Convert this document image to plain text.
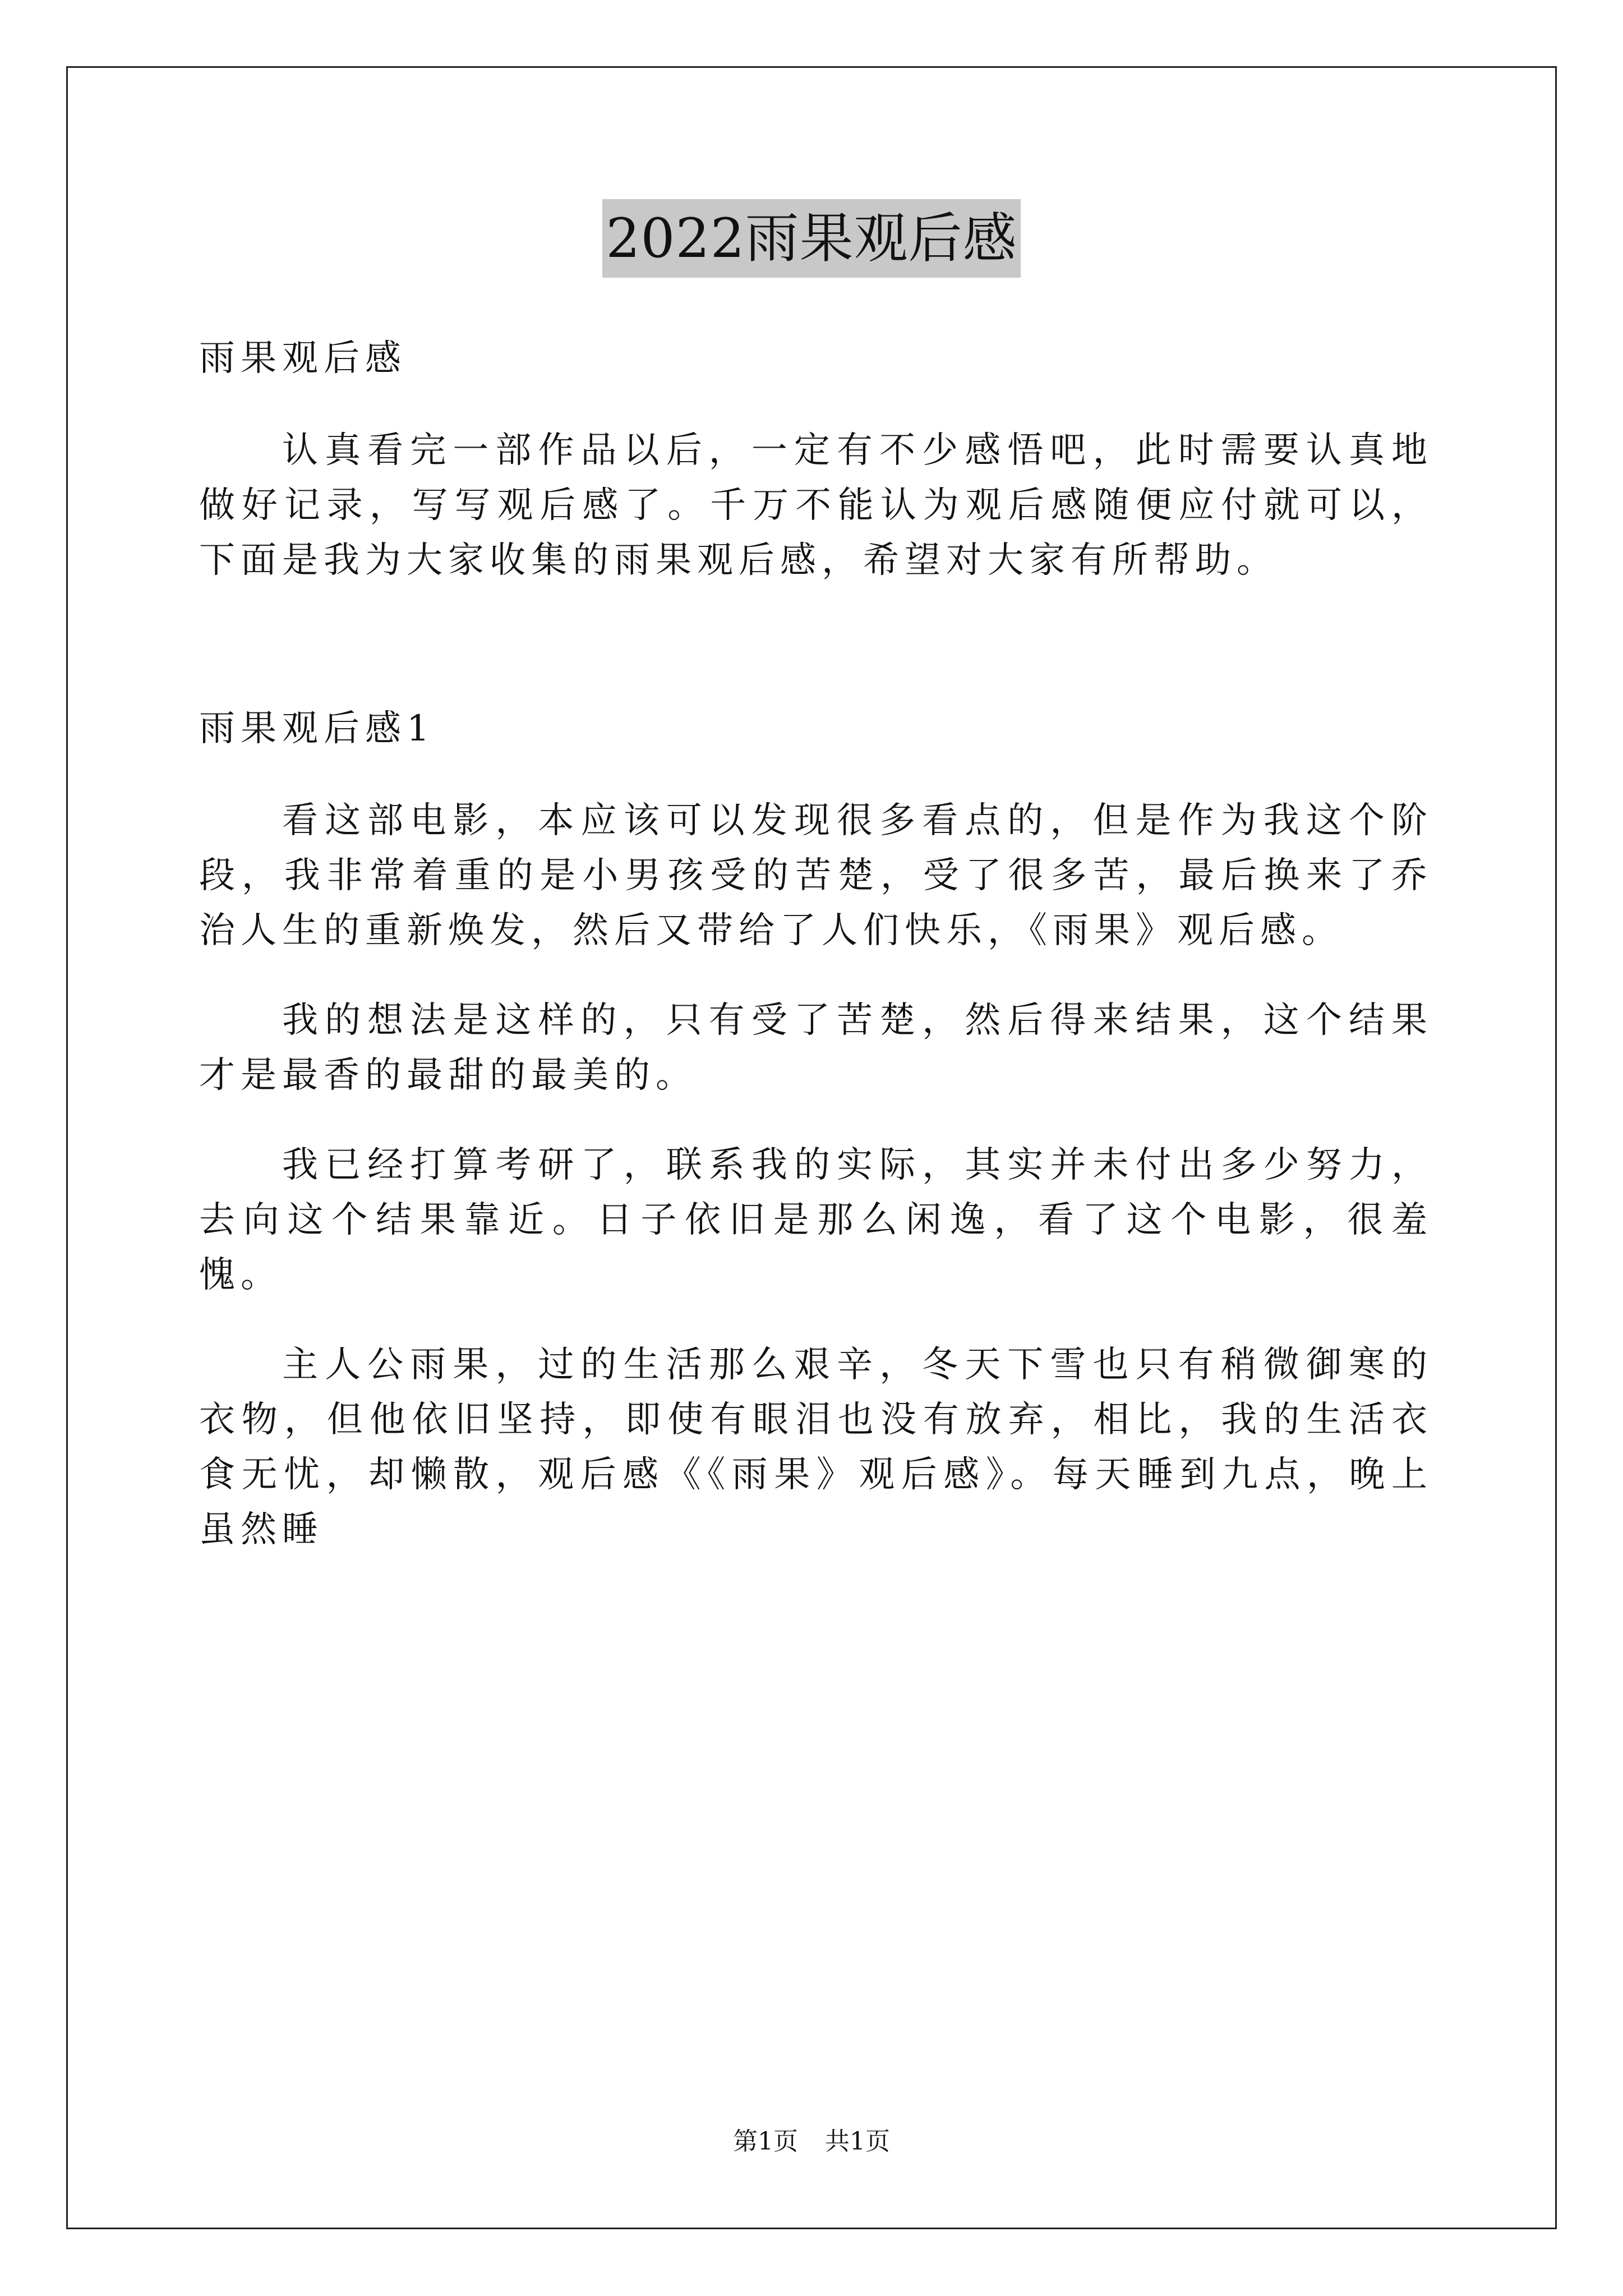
2022雨果观后感
雨果观后感

认真看完一部作品以后，一定有不少感悟吧，此时需要认真地做好记录，写写观后感了。千万不能认为观后感随便应付就可以，下面是我为大家收集的雨果观后感，希望对大家有所帮助。

雨果观后感1

看这部电影，本应该可以发现很多看点的，但是作为我这个阶段，我非常着重的是小男孩受的苦楚，受了很多苦，最后换来了乔治人生的重新焕发，然后又带给了人们快乐，《雨果》观后感。

我的想法是这样的，只有受了苦楚，然后得来结果，这个结果才是最香的最甜的最美的。

我已经打算考研了，联系我的实际，其实并未付出多少努力，去向这个结果靠近。日子依旧是那么闲逸，看了这个电影，很羞愧。

主人公雨果，过的生活那么艰辛，冬天下雪也只有稍微御寒的衣物，但他依旧坚持，即使有眼泪也没有放弃，相比，我的生活衣食无忧，却懒散，观后感《《雨果》观后感》。每天睡到九点，晚上虽然睡

第1页 共1页
